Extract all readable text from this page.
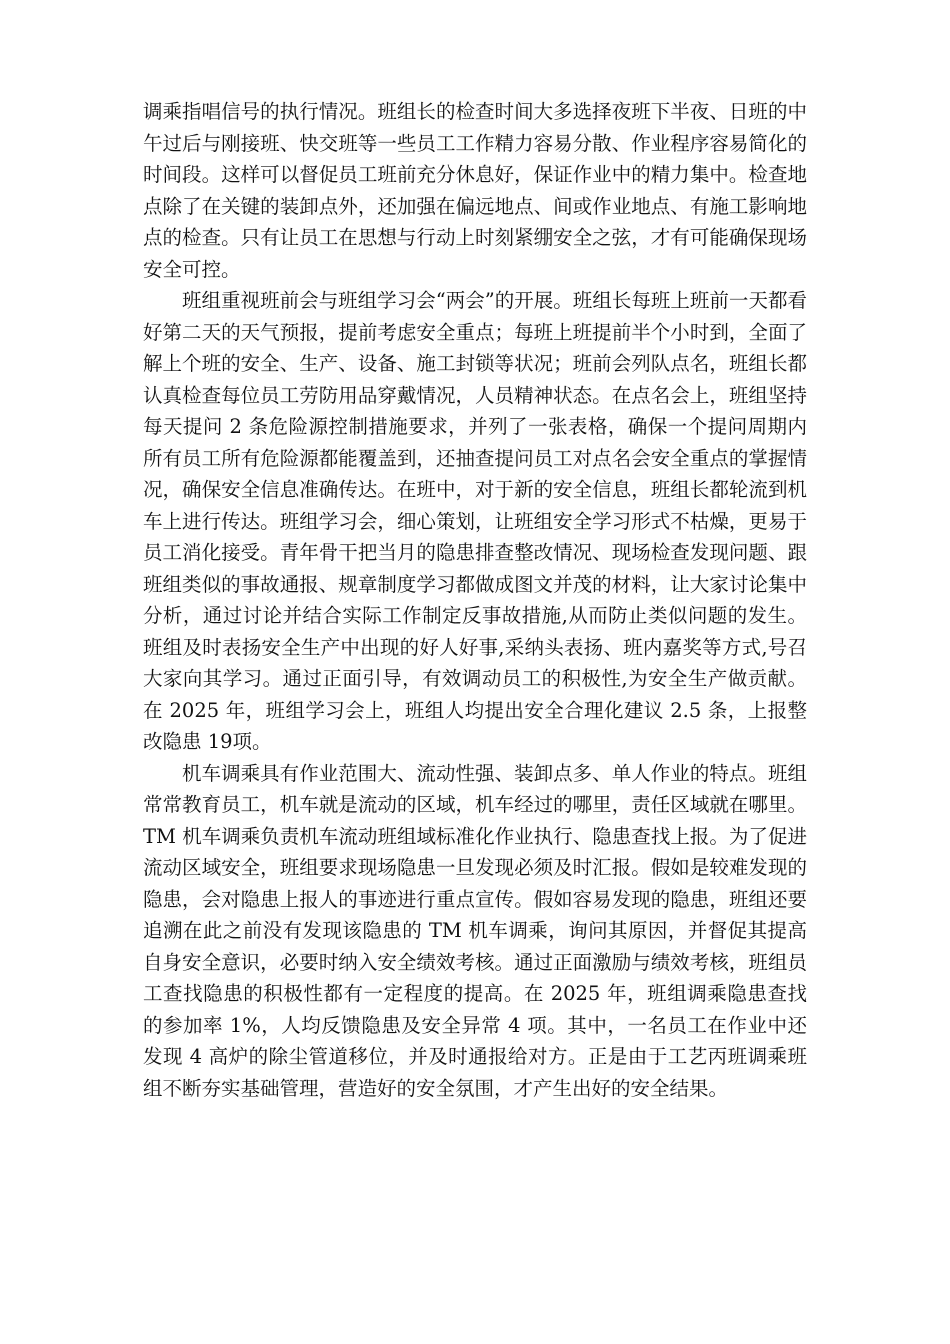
调乘指唱信号的执行情况。班组长的检查时间大多选择夜班下半夜、日班的中午过后与刚接班、快交班等一些员工工作精力容易分散、作业程序容易简化的时间段。这样可以督促员工班前充分休息好，保证作业中的精力集中。检查地点除了在关键的装卸点外，还加强在偏远地点、间或作业地点、有施工影响地点的检查。只有让员工在思想与行动上时刻紧绷安全之弦，才有可能确保现场安全可控。

班组重视班前会与班组学习会“两会”的开展。班组长每班上班前一天都看好第二天的天气预报，提前考虑安全重点；每班上班提前半个小时到，全面了解上个班的安全、生产、设备、施工封锁等状况；班前会列队点名，班组长都认真检查每位员工劳防用品穿戴情况，人员精神状态。在点名会上，班组坚持每天提问 2 条危险源控制措施要求，并列了一张表格，确保一个提问周期内所有员工所有危险源都能覆盖到，还抽查提问员工对点名会安全重点的掌握情况，确保安全信息准确传达。在班中，对于新的安全信息，班组长都轮流到机车上进行传达。班组学习会，细心策划，让班组安全学习形式不枯燥，更易于员工消化接受。青年骨干把当月的隐患排查整改情况、现场检查发现问题、跟班组类似的事故通报、规章制度学习都做成图文并茂的材料，让大家讨论集中分析，通过讨论并结合实际工作制定反事故措施,从而防止类似问题的发生。班组及时表扬安全生产中出现的好人好事,采纳头表扬、班内嘉奖等方式,号召大家向其学习。通过正面引导，有效调动员工的积极性,为安全生产做贡献。在 2025 年，班组学习会上，班组人均提出安全合理化建议 2.5 条，上报整改隐患 19项。

机车调乘具有作业范围大、流动性强、装卸点多、单人作业的特点。班组常常教育员工，机车就是流动的区域，机车经过的哪里，责任区域就在哪里。TM 机车调乘负责机车流动班组域标准化作业执行、隐患查找上报。为了促进流动区域安全，班组要求现场隐患一旦发现必须及时汇报。假如是较难发现的隐患，会对隐患上报人的事迹进行重点宣传。假如容易发现的隐患，班组还要追溯在此之前没有发现该隐患的 TM 机车调乘，询问其原因，并督促其提高自身安全意识，必要时纳入安全绩效考核。通过正面激励与绩效考核，班组员工查找隐患的积极性都有一定程度的提高。在 2025 年，班组调乘隐患查找的参加率 1%，人均反馈隐患及安全异常 4 项。其中，一名员工在作业中还发现 4 高炉的除尘管道移位，并及时通报给对方。正是由于工艺丙班调乘班组不断夯实基础管理，营造好的安全氛围，才产生出好的安全结果。
